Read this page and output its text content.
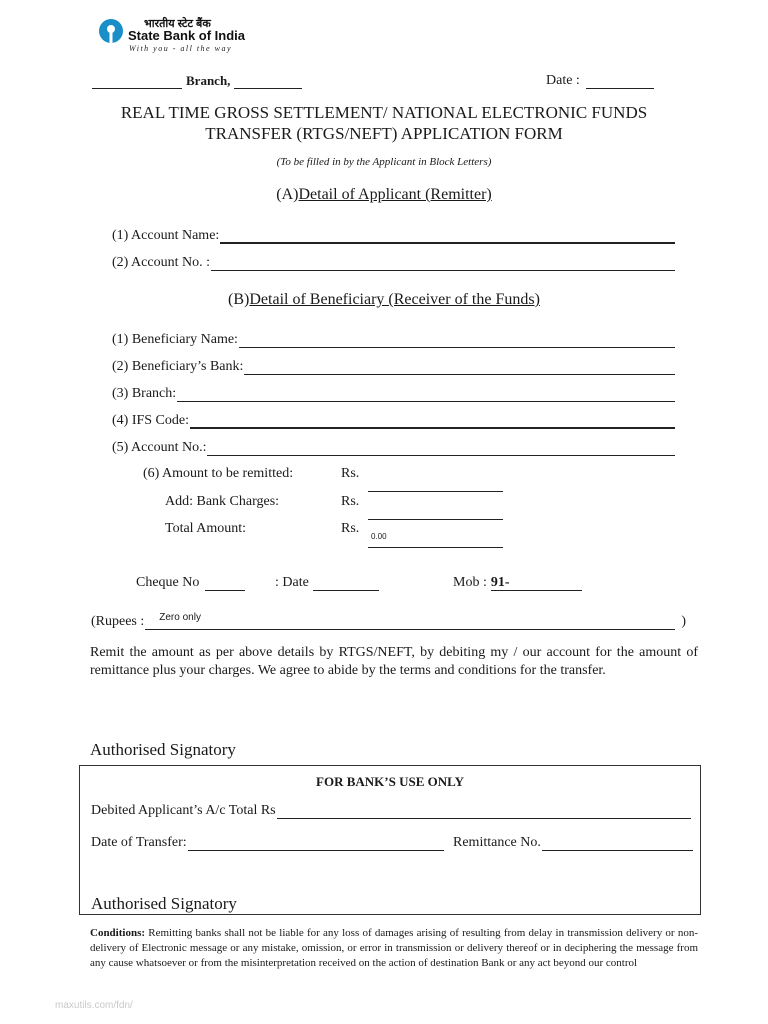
भारतीय स्टेट बैंक
State Bank of India
With you - all the way
Branch,	Date :
REAL TIME GROSS SETTLEMENT/ NATIONAL ELECTRONIC FUNDS
TRANSFER (RTGS/NEFT) APPLICATION FORM
(To be filled in by the Applicant in Block Letters)
(A)Detail of Applicant (Remitter)
(1) Account Name:
(2) Account No. :
(B)Detail of Beneficiary (Receiver of the Funds)
(1) Beneficiary Name:
(2) Beneficiary’s Bank:
(3) Branch:
(4) IFS Code:
(5) Account No.:
(6) Amount to be remitted:	Rs.
Add: Bank Charges:	Rs.
Total Amount:	Rs.
0.00
Cheque No	: Date	Mob : 91-
(Rupees : Zero only	)
Remit the amount as per above details by RTGS/NEFT, by debiting my / our account for the amount of remittance plus your charges. We agree to abide by the terms and conditions for the transfer.
Authorised Signatory
FOR BANK’S USE ONLY
Debited Applicant’s A/c Total Rs
Date of Transfer:	Remittance No.
Authorised Signatory
Conditions: Remitting banks shall not be liable for any loss of damages arising of resulting from delay in transmission delivery or non-delivery of Electronic message or any mistake, omission, or error in transmission or delivery thereof or in deciphering the message from any cause whatsoever or from the misinterpretation received on the action of destination Bank or any act beyond our control
maxutils.com/fdn/
